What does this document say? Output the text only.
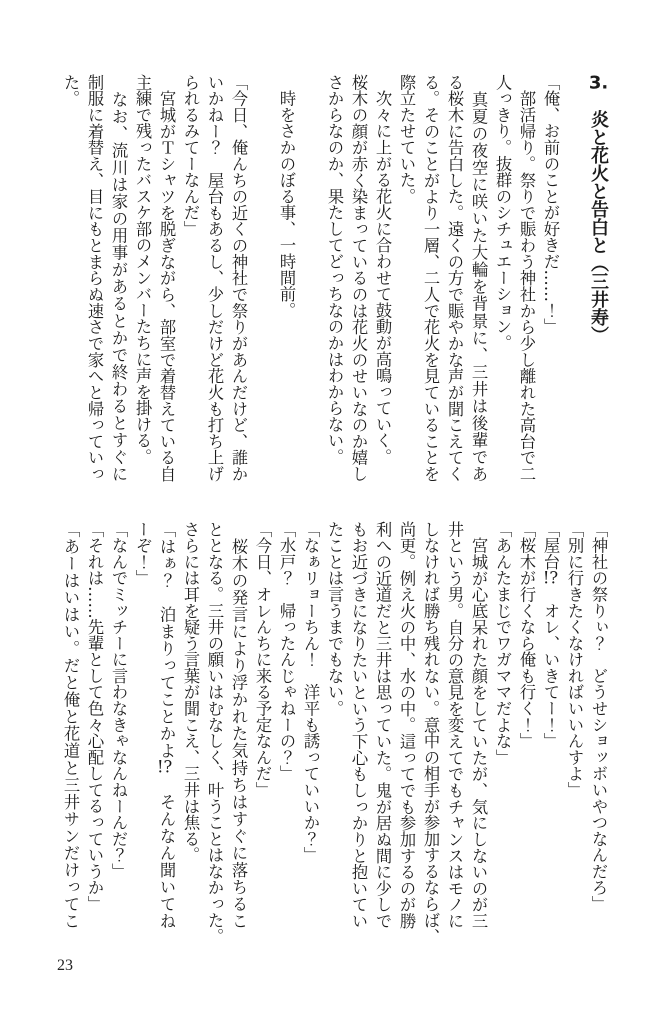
3.炎と花火と告白と（三井寿）
「俺、お前のことが好きだ……！」
　部活帰り。祭りで賑わう神社から少し離れた高台で二
人っきり。抜群のシチュエーション。
　真夏の夜空に咲いた大輪を背景に、三井は後輩であ
る桜木に告白した。遠くの方で賑やかな声が聞こえてく
る。そのことがより一層、二人で花火を見ていることを
際立たせていた。
　次々に上がる花火に合わせて鼓動が高鳴っていく。
桜木の顔が赤く染まっているのは花火のせいなのか嬉し
さからなのか、果たしてどっちなのかはわからない。
　時をさかのぼる事、一時間前。
「今日、俺んちの近くの神社で祭りがあんだけど、誰か
いかねー？　屋台もあるし、少しだけど花火も打ち上げ
られるみてーなんだ」
　宮城がＴシャツを脱ぎながら、部室で着替えている自
主練で残ったバスケ部のメンバーたちに声を掛ける。
　なお、流川は家の用事があるとかで終わるとすぐに
制服に着替え、目にもとまらぬ速さで家へと帰っていっ
た。
「神社の祭りぃ？　どうせショッボいやつなんだろ」
「別に行きたくなければいいんすよ」
「屋台!?　オレ、いきてー！」
「桜木が行くなら俺も行く！」
「あんたまじでワガママだよな」
　宮城が心底呆れた顔をしていたが、気にしないのが三
井という男。自分の意見を変えてでもチャンスはモノに
しなければ勝ち残れない。意中の相手が参加するならば、
尚更。例え火の中、水の中。這ってでも参加するのが勝
利への近道だと三井は思っていた。鬼が居ぬ間に少しで
もお近づきになりたいという下心もしっかりと抱いてい
たことは言うまでもない。
「なぁリョーちん！　洋平も誘っていいか？」
「水戸？　帰ったんじゃねーの？」
「今日、オレんちに来る予定なんだ」
　桜木の発言により浮かれた気持ちはすぐに落ちるこ
ととなる。三井の願いはむなしく、叶うことはなかった。
さらには耳を疑う言葉が聞こえ、三井は焦る。
「はぁ？　泊まりってことかよ!?　そんなん聞いてね
ーぞ！」
「なんでミッチーに言わなきゃなんねーんだ？」
「それは……先輩として色々心配してるっていうか」
「あーはいはい。だと俺と花道と三井サンだけってこ
23
